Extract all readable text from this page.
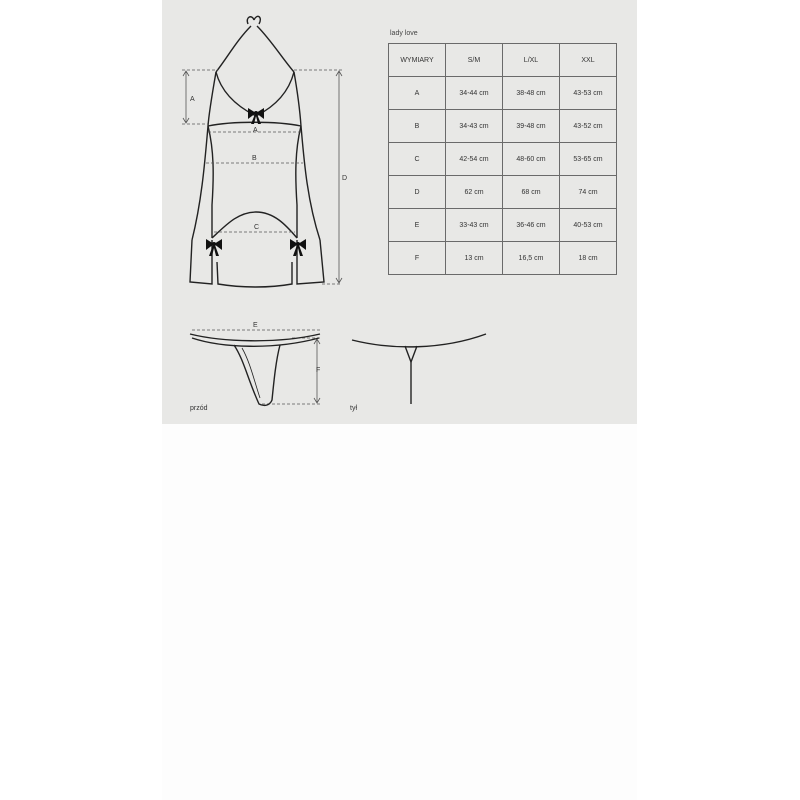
A
A
B
C
D
E
F
lady love
WYMIARY	S/M	L/XL	XXL
A	34-44 cm	38-48 cm	43-53 cm
B	34-43 cm	39-48 cm	43-52 cm
C	42-54 cm	48-60 cm	53-65 cm
D	62 cm	68 cm	74 cm
E	33-43 cm	36-46 cm	40-53 cm
F	13 cm	16,5 cm	18 cm
przód	tył
